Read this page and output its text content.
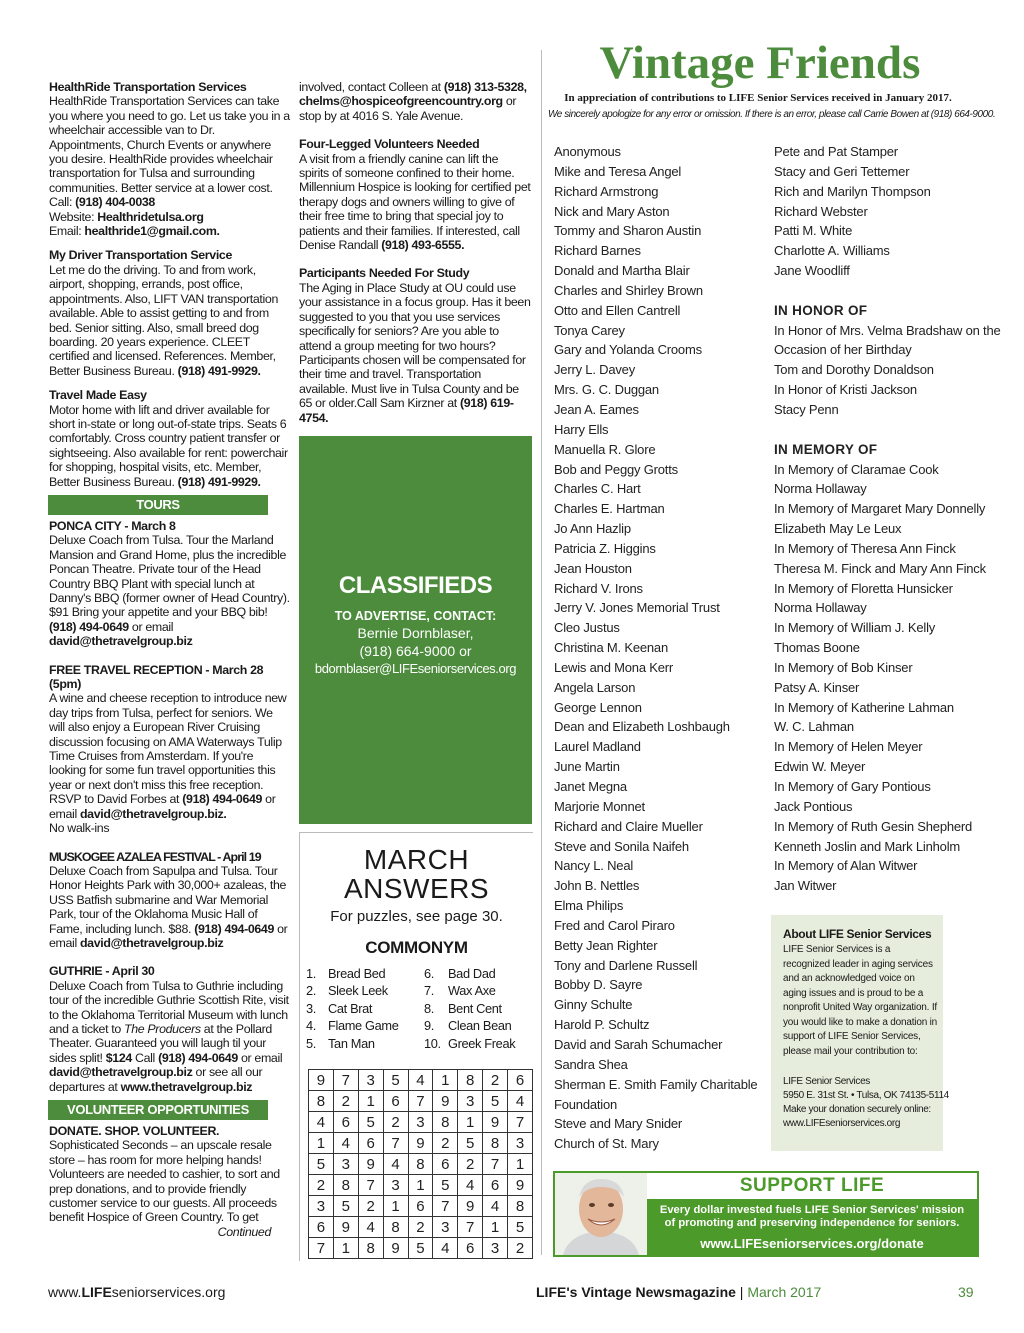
HealthRide Transportation Services

HealthRide Transportation Services can take you where you need to go. Let us take you in a wheelchair accessible van to Dr. Appointments, Church Events or anywhere you desire. HealthRide provides wheelchair transportation for Tulsa and surrounding communities. Better service at a lower cost.

Call: (918) 404-0038

Website: Healthridetulsa.org

Email: healthride1@gmail.com.

My Driver Transportation Service

Let me do the driving. To and from work, airport, shopping, errands, post office, appointments. Also, LIFT VAN transportation available. Able to assist getting to and from bed. Senior sitting. Also, small breed dog boarding. 20 years experience. CLEET certified and licensed. References. Member, Better Business Bureau. (918) 491-9929.

Travel Made Easy

Motor home with lift and driver available for short in-state or long out-of-state trips. Seats 6 comfortably. Cross country patient transfer or sightseeing. Also available for rent: powerchair for shopping, hospital visits, etc. Member, Better Business Bureau. (918) 491-9929.

TOURS

PONCA CITY - March 8

Deluxe Coach from Tulsa. Tour the Marland Mansion and Grand Home, plus the incredible Poncan Theatre. Private tour of the Head Country BBQ Plant with special lunch at Danny's BBQ (former owner of Head Country). $91 Bring your appetite and your BBQ bib! (918) 494-0649 or email david@thetravelgroup.biz

FREE TRAVEL RECEPTION - March 28 (5pm)

A wine and cheese reception to introduce new day trips from Tulsa, perfect for seniors. We will also enjoy a European River Cruising discussion focusing on AMA Waterways Tulip Time Cruises from Amsterdam. If you're looking for some fun travel opportunities this year or next don't miss this free reception. RSVP to David Forbes at (918) 494-0649 or email david@thetravelgroup.biz.

No walk-ins

MUSKOGEE AZALEA FESTIVAL - April 19

Deluxe Coach from Sapulpa and Tulsa. Tour Honor Heights Park with 30,000+ azaleas, the USS Batfish submarine and War Memorial Park, tour of the Oklahoma Music Hall of Fame, including lunch. $88. (918) 494-0649 or email david@thetravelgroup.biz

GUTHRIE - April 30

Deluxe Coach from Tulsa to Guthrie including tour of the incredible Guthrie Scottish Rite, visit to the Oklahoma Territorial Museum with lunch and a ticket to The Producers at the Pollard Theater. Guaranteed you will laugh til your sides split! $124 Call (918) 494-0649 or email david@thetravelgroup.biz or see all our departures at www.thetravelgroup.biz

VOLUNTEER OPPORTUNITIES

DONATE. SHOP. VOLUNTEER.

Sophisticated Seconds – an upscale resale store – has room for more helping hands! Volunteers are needed to cashier, to sort and prep donations, and to provide friendly customer service to our guests. All proceeds benefit Hospice of Green Country. To get

Continued

involved, contact Colleen at (918) 313-5328, chelms@hospiceofgreencountry.org or stop by at 4016 S. Yale Avenue.

Four-Legged Volunteers Needed

A visit from a friendly canine can lift the spirits of someone confined to their home. Millennium Hospice is looking for certified pet therapy dogs and owners willing to give of their free time to bring that special joy to patients and their families. If interested, call Denise Randall (918) 493-6555.

Participants Needed For Study

The Aging in Place Study at OU could use your assistance in a focus group. Has it been suggested to you that you use services specifically for seniors? Are you able to attend a group meeting for two hours? Participants chosen will be compensated for their time and travel. Transportation available. Must live in Tulsa County and be 65 or older.Call Sam Kirzner at (918) 619-4754.

CLASSIFIEDS
TO ADVERTISE, CONTACT:
Bernie Dornblaser,
(918) 664-9000 or
bdornblaser@LIFEseniorservices.org
MARCH
ANSWERS
For puzzles, see page 30.
COMMONYM
1. Bread Bed
2. Sleek Leek
3. Cat Brat
4. Flame Game
5. Tan Man
6. Bad Dad
7. Wax Axe
8. Bent Cent
9. Clean Bean
10. Greek Freak
9	7	3	5	4	1	8	2	6
8	2	1	6	7	9	3	5	4
4	6	5	2	3	8	1	9	7
1	4	6	7	9	2	5	8	3
5	3	9	4	8	6	2	7	1
2	8	7	3	1	5	4	6	9
3	5	2	1	6	7	9	4	8
6	9	4	8	2	3	7	1	5
7	1	8	9	5	4	6	3	2
Vintage Friends
In appreciation of contributions to LIFE Senior Services received in January 2017.
We sincerely apologize for any error or omission. If there is an error, please call Carrie Bowen at (918) 664-9000.
Anonymous
Mike and Teresa Angel
Richard Armstrong
Nick and Mary Aston
Tommy and Sharon Austin
Richard Barnes
Donald and Martha Blair
Charles and Shirley Brown
Otto and Ellen Cantrell
Tonya Carey
Gary and Yolanda Crooms
Jerry L. Davey
Mrs. G. C. Duggan
Jean A. Eames
Harry Ells
Manuella R. Glore
Bob and Peggy Grotts
Charles C. Hart
Charles E. Hartman
Jo Ann Hazlip
Patricia Z. Higgins
Jean Houston
Richard V. Irons
Jerry V. Jones Memorial Trust
Cleo Justus
Christina M. Keenan
Lewis and Mona Kerr
Angela Larson
George Lennon
Dean and Elizabeth Loshbaugh
Laurel Madland
June Martin
Janet Megna
Marjorie Monnet
Richard and Claire Mueller
Steve and Sonila Naifeh
Nancy L. Neal
John B. Nettles
Elma Philips
Fred and Carol Piraro
Betty Jean Righter
Tony and Darlene Russell
Bobby D. Sayre
Ginny Schulte
Harold P. Schultz
David and Sarah Schumacher
Sandra Shea
Sherman E. Smith Family Charitable
Foundation
Steve and Mary Snider
Church of St. Mary
Pete and Pat Stamper
Stacy and Geri Tettemer
Rich and Marilyn Thompson
Richard Webster
Patti M. White
Charlotte A. Williams
Jane Woodliff
IN HONOR OF
In Honor of Mrs. Velma Bradshaw on the
Occasion of her Birthday
Tom and Dorothy Donaldson
In Honor of Kristi Jackson
Stacy Penn
IN MEMORY OF
In Memory of Claramae Cook
Norma Hollaway
In Memory of Margaret Mary Donnelly
Elizabeth May Le Leux
In Memory of Theresa Ann Finck
Theresa M. Finck and Mary Ann Finck
In Memory of Floretta Hunsicker
Norma Hollaway
In Memory of William J. Kelly
Thomas Boone
In Memory of Bob Kinser
Patsy A. Kinser
In Memory of Katherine Lahman
W. C. Lahman
In Memory of Helen Meyer
Edwin W. Meyer
In Memory of Gary Pontious
Jack Pontious
In Memory of Ruth Gesin Shepherd
Kenneth Joslin and Mark Linholm
In Memory of Alan Witwer
Jan Witwer
About LIFE Senior Services
LIFE Senior Services is a recognized leader in aging services and an acknowledged voice on aging issues and is proud to be a nonprofit United Way organization. If you would like to make a donation in support of LIFE Senior Services, please mail your contribution to:
LIFE Senior Services
5950 E. 31st St. • Tulsa, OK 74135-5114
Make your donation securely online:
www.LIFEseniorservices.org
SUPPORT LIFE
Every dollar invested fuels LIFE Senior Services' mission
of promoting and preserving independence for seniors.
www.LIFEseniorservices.org/donate
www.LIFEseniorservices.org	LIFE's Vintage Newsmagazine | March 2017	39
